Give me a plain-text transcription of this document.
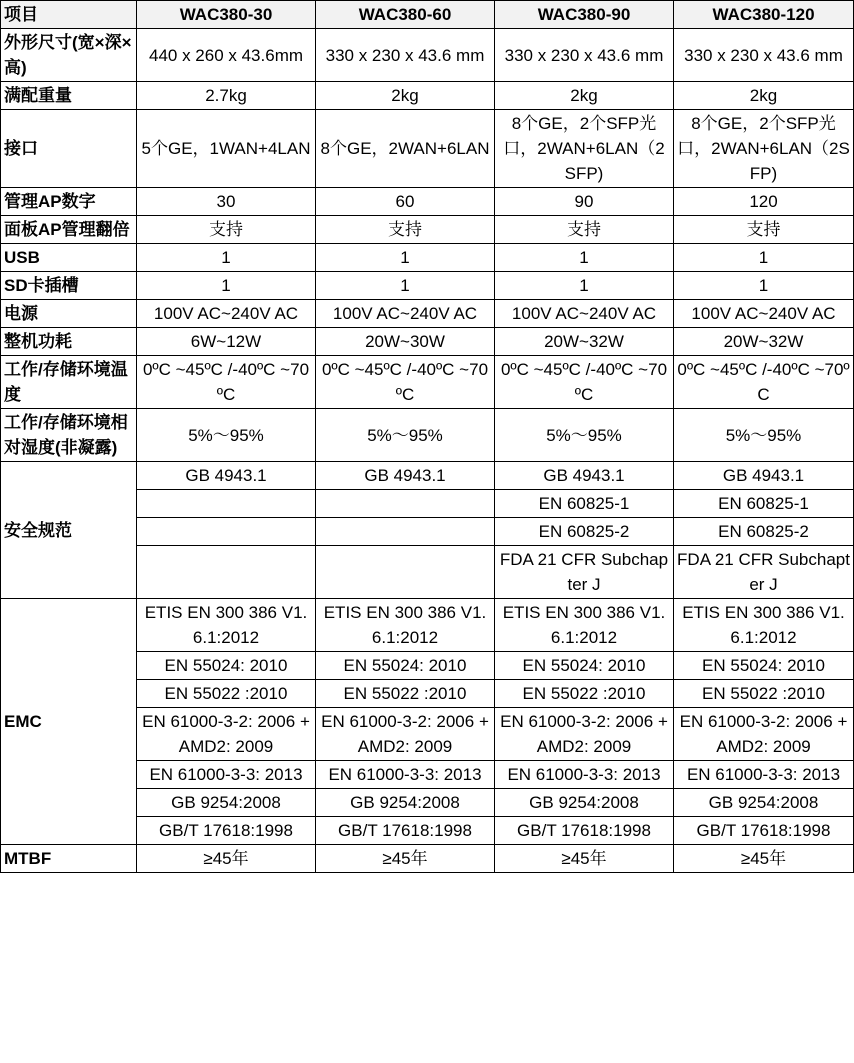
项目	WAC380-30	WAC380-60	WAC380-90	WAC380-120
外形尺寸(宽×深×高)	440 x 260 x 43.6mm	330 x 230 x 43.6 mm	330 x 230 x 43.6 mm	330 x 230 x 43.6 mm
满配重量	2.7kg	2kg	2kg	2kg
接口	5个GE，1WAN+4LAN	8个GE，2WAN+6LAN	8个GE，2个SFP光口，2WAN+6LAN（2SFP)	8个GE，2个SFP光口，2WAN+6LAN（2SFP)
管理AP数字	30	60	90	120
面板AP管理翻倍	支持	支持	支持	支持
USB	1	1	1	1
SD卡插槽	1	1	1	1
电源	100V AC~240V AC	100V AC~240V AC	100V AC~240V AC	100V AC~240V AC
整机功耗	6W~12W	20W~30W	20W~32W	20W~32W
工作/存储环境温度	0ºC ~45ºC /-40ºC ~70ºC	0ºC ~45ºC /-40ºC ~70ºC	0ºC ~45ºC /-40ºC ~70ºC	0ºC ~45ºC /-40ºC ~70ºC
工作/存储环境相对湿度(非凝露)	5%～95%	5%～95%	5%～95%	5%～95%
安全规范	GB 4943.1	GB 4943.1	GB 4943.1	GB 4943.1
			EN 60825-1	EN 60825-1
			EN 60825-2	EN 60825-2
			FDA 21 CFR Subchapter J	FDA 21 CFR Subchapter J
EMC	ETIS EN 300 386 V1.6.1:2012	ETIS EN 300 386 V1.6.1:2012	ETIS EN 300 386 V1.6.1:2012	ETIS EN 300 386 V1.6.1:2012
	EN 55024: 2010	EN 55024: 2010	EN 55024: 2010	EN 55024: 2010
	EN 55022 :2010	EN 55022 :2010	EN 55022 :2010	EN 55022 :2010
	EN 61000-3-2: 2006 + AMD2: 2009	EN 61000-3-2: 2006 + AMD2: 2009	EN 61000-3-2: 2006 + AMD2: 2009	EN 61000-3-2: 2006 + AMD2: 2009
	EN 61000-3-3: 2013	EN 61000-3-3: 2013	EN 61000-3-3: 2013	EN 61000-3-3: 2013
	GB 9254:2008	GB 9254:2008	GB 9254:2008	GB 9254:2008
	GB/T 17618:1998	GB/T 17618:1998	GB/T 17618:1998	GB/T 17618:1998
MTBF	≥45年	≥45年	≥45年	≥45年
